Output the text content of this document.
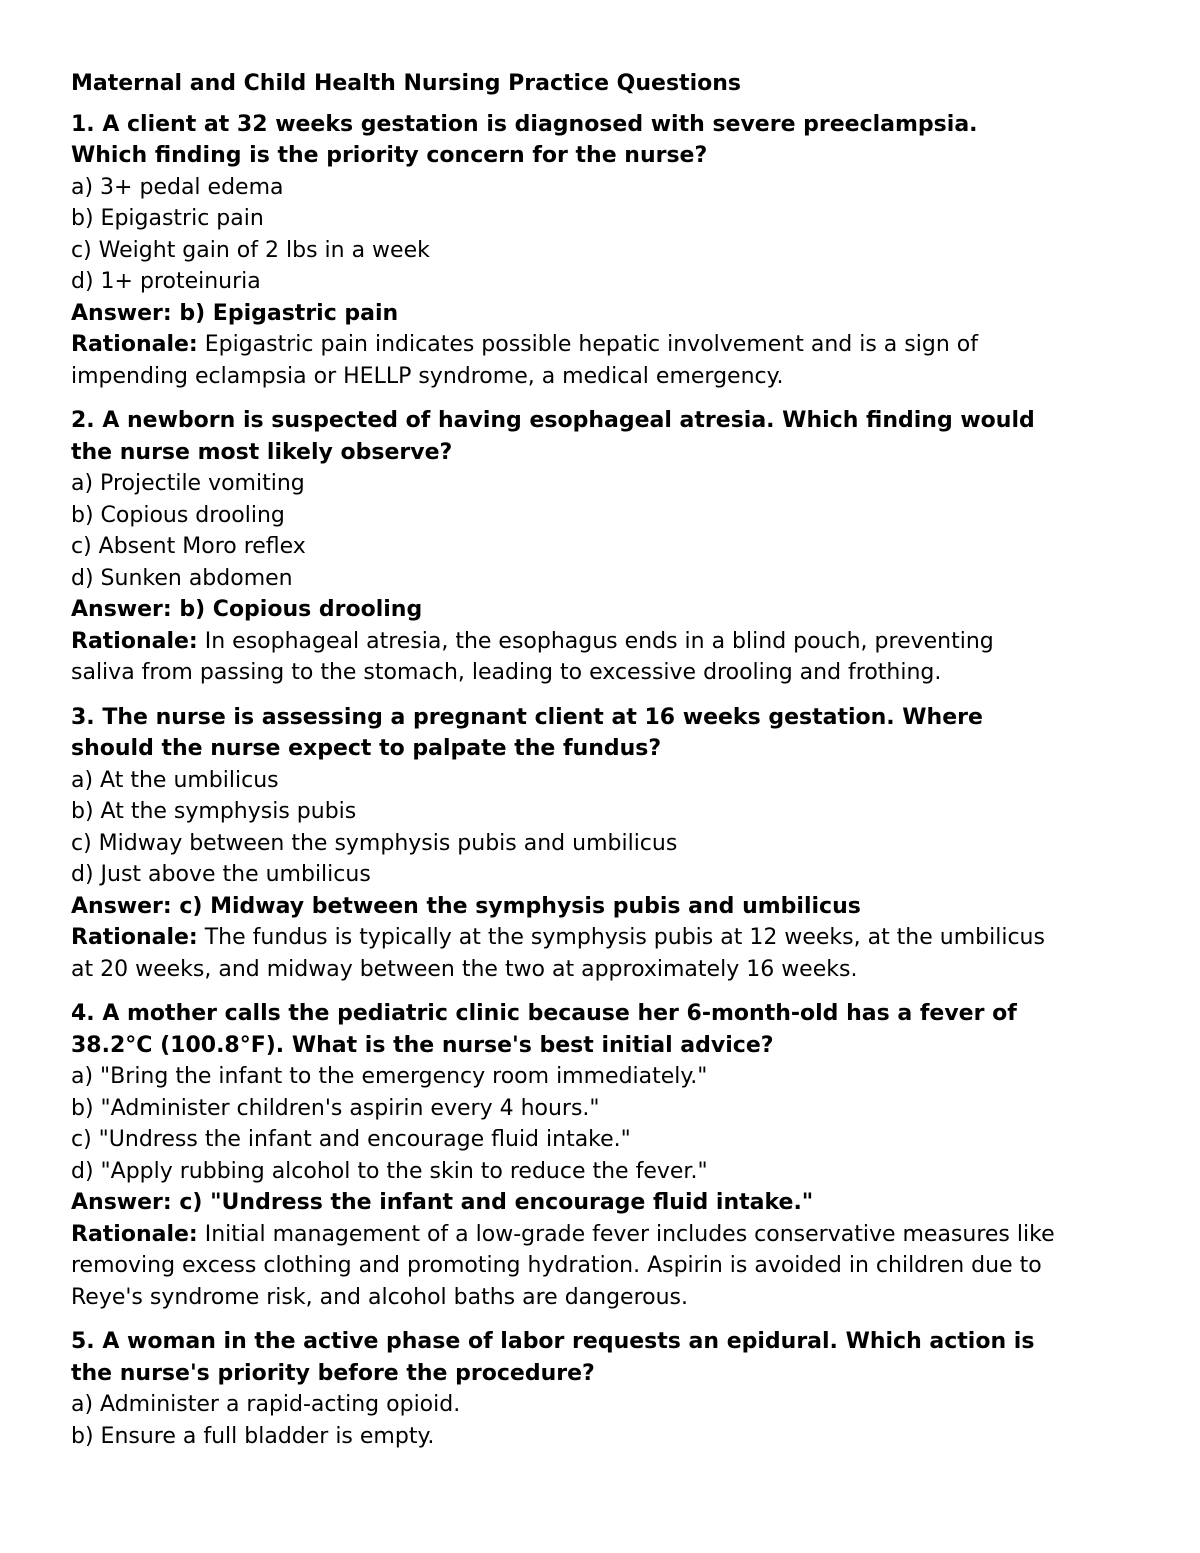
Maternal and Child Health Nursing Practice Questions
1. A client at 32 weeks gestation is diagnosed with severe preeclampsia.
Which finding is the priority concern for the nurse?
a) 3+ pedal edema
b) Epigastric pain
c) Weight gain of 2 lbs in a week
d) 1+ proteinuria
Answer: b) Epigastric pain
Rationale: Epigastric pain indicates possible hepatic involvement and is a sign of
impending eclampsia or HELLP syndrome, a medical emergency.
2. A newborn is suspected of having esophageal atresia. Which finding would
the nurse most likely observe?
a) Projectile vomiting
b) Copious drooling
c) Absent Moro reflex
d) Sunken abdomen
Answer: b) Copious drooling
Rationale: In esophageal atresia, the esophagus ends in a blind pouch, preventing
saliva from passing to the stomach, leading to excessive drooling and frothing.
3. The nurse is assessing a pregnant client at 16 weeks gestation. Where
should the nurse expect to palpate the fundus?
a) At the umbilicus
b) At the symphysis pubis
c) Midway between the symphysis pubis and umbilicus
d) Just above the umbilicus
Answer: c) Midway between the symphysis pubis and umbilicus
Rationale: The fundus is typically at the symphysis pubis at 12 weeks, at the umbilicus
at 20 weeks, and midway between the two at approximately 16 weeks.
4. A mother calls the pediatric clinic because her 6-month-old has a fever of
38.2°C (100.8°F). What is the nurse's best initial advice?
a) "Bring the infant to the emergency room immediately."
b) "Administer children's aspirin every 4 hours."
c) "Undress the infant and encourage fluid intake."
d) "Apply rubbing alcohol to the skin to reduce the fever."
Answer: c) "Undress the infant and encourage fluid intake."
Rationale: Initial management of a low-grade fever includes conservative measures like
removing excess clothing and promoting hydration. Aspirin is avoided in children due to
Reye's syndrome risk, and alcohol baths are dangerous.
5. A woman in the active phase of labor requests an epidural. Which action is
the nurse's priority before the procedure?
a) Administer a rapid-acting opioid.
b) Ensure a full bladder is empty.
